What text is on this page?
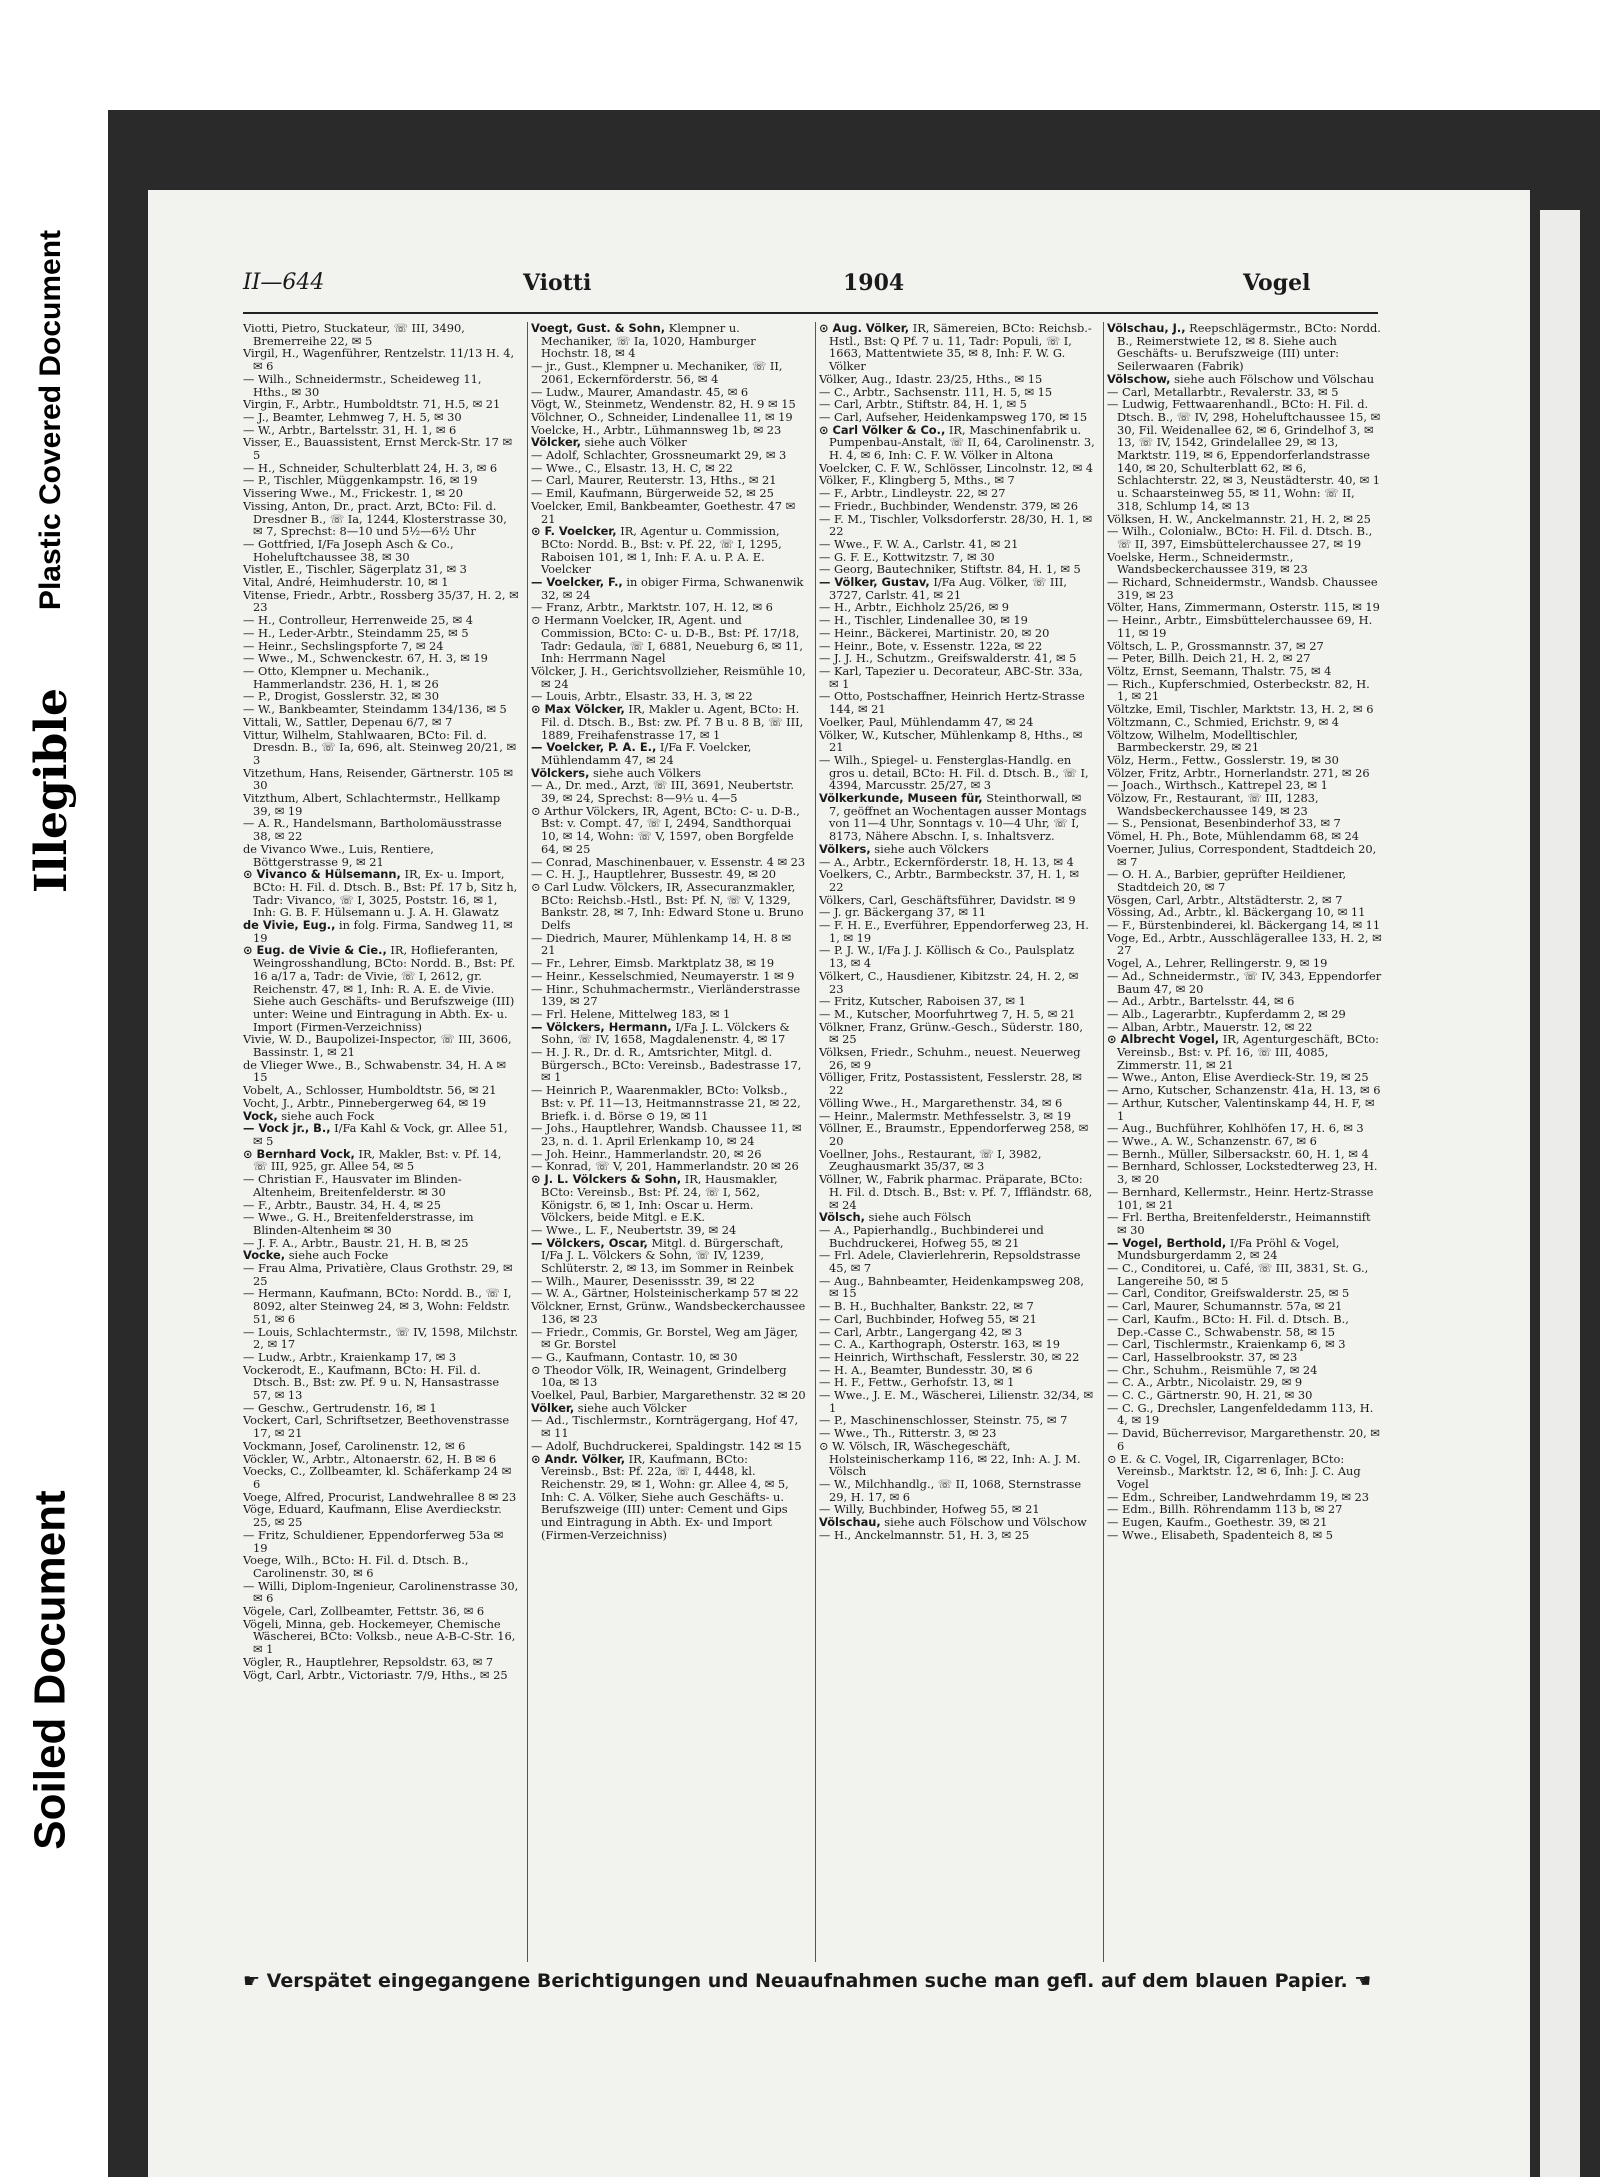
Plastic Covered Document
Illegible
Soiled Document
II—644	Viotti	1904	Vogel
Viotti, Pietro, Stuckateur, ☏ III, 3490, Bremerreihe 22, ✉ 5
Virgil, H., Wagenführer, Rentzelstr. 11/13 H. 4, ✉ 6
— Wilh., Schneidermstr., Scheideweg 11, Hths., ✉ 30
Virgin, F., Arbtr., Humboldtstr. 71, H.5, ✉ 21
— J., Beamter, Lehmweg 7, H. 5, ✉ 30
— W., Arbtr., Bartelsstr. 31, H. 1, ✉ 6
Visser, E., Bauassistent, Ernst Merck-Str. 17 ✉ 5
— H., Schneider, Schulterblatt 24, H. 3, ✉ 6
— P., Tischler, Müggenkampstr. 16, ✉ 19
Vissering Wwe., M., Frickestr. 1, ✉ 20
Vissing, Anton, Dr., pract. Arzt, BCto: Fil. d. Dresdner B., ☏ Ia, 1244, Klosterstrasse 30, ✉ 7, Sprechst: 8—10 und 5½—6½ Uhr
— Gottfried, I/Fa Joseph Asch & Co., Hoheluftchaussee 38, ✉ 30
Vistler, E., Tischler, Sägerplatz 31, ✉ 3
Vital, André, Heimhuderstr. 10, ✉ 1
Vitense, Friedr., Arbtr., Rossberg 35/37, H. 2, ✉ 23
— H., Controlleur, Herrenweide 25, ✉ 4
— H., Leder-Arbtr., Steindamm 25, ✉ 5
— Heinr., Sechslingspforte 7, ✉ 24
— Wwe., M., Schwenckestr. 67, H. 3, ✉ 19
— Otto, Klempner u. Mechanik., Hammerlandstr. 236, H. 1, ✉ 26
— P., Drogist, Gosslerstr. 32, ✉ 30
— W., Bankbeamter, Steindamm 134/136, ✉ 5
Vittali, W., Sattler, Depenau 6/7, ✉ 7
Vittur, Wilhelm, Stahlwaaren, BCto: Fil. d. Dresdn. B., ☏ Ia, 696, alt. Steinweg 20/21, ✉ 3
Vitzethum, Hans, Reisender, Gärtnerstr. 105 ✉ 30
Vitzthum, Albert, Schlachtermstr., Hellkamp 39, ✉ 19
— A. R., Handelsmann, Bartholomäusstrasse 38, ✉ 22
de Vivanco Wwe., Luis, Rentiere, Böttgerstrasse 9, ✉ 21
⊙ Vivanco & Hülsemann, IR, Ex- u. Import, BCto: H. Fil. d. Dtsch. B., Bst: Pf. 17 b, Sitz h, Tadr: Vivanco, ☏ I, 3025, Poststr. 16, ✉ 1, Inh: G. B. F. Hülsemann u. J. A. H. Glawatz
de Vivie, Eug., in folg. Firma, Sandweg 11, ✉ 19
⊙ Eug. de Vivie & Cie., IR, Hoflieferanten, Weingrosshandlung, BCto: Nordd. B., Bst: Pf. 16 a/17 a, Tadr: de Vivie, ☏ I, 2612, gr. Reichenstr. 47, ✉ 1, Inh: R. A. E. de Vivie. Siehe auch Geschäfts- und Berufszweige (III) unter: Weine und Eintragung in Abth. Ex- u. Import (Firmen-Verzeichniss)
Vivie, W. D., Baupolizei-Inspector, ☏ III, 3606, Bassinstr. 1, ✉ 21
de Vlieger Wwe., B., Schwabenstr. 34, H. A ✉ 15
Vobelt, A., Schlosser, Humboldtstr. 56, ✉ 21
Vocht, J., Arbtr., Pinnebergerweg 64, ✉ 19
Vock, siehe auch Fock
— Vock jr., B., I/Fa Kahl & Vock, gr. Allee 51, ✉ 5
⊙ Bernhard Vock, IR, Makler, Bst: v. Pf. 14, ☏ III, 925, gr. Allee 54, ✉ 5
— Christian F., Hausvater im Blinden-Altenheim, Breitenfelderstr. ✉ 30
— F., Arbtr., Baustr. 34, H. 4, ✉ 25
— Wwe., G. H., Breitenfelderstrasse, im Blinden-Altenheim ✉ 30
— J. F. A., Arbtr., Baustr. 21, H. B, ✉ 25
Vocke, siehe auch Focke
— Frau Alma, Privatière, Claus Grothstr. 29, ✉ 25
— Hermann, Kaufmann, BCto: Nordd. B., ☏ I, 8092, alter Steinweg 24, ✉ 3, Wohn: Feldstr. 51, ✉ 6
— Louis, Schlachtermstr., ☏ IV, 1598, Milchstr. 2, ✉ 17
— Ludw., Arbtr., Kraienkamp 17, ✉ 3
Vockerodt, E., Kaufmann, BCto: H. Fil. d. Dtsch. B., Bst: zw. Pf. 9 u. N, Hansastrasse 57, ✉ 13
— Geschw., Gertrudenstr. 16, ✉ 1
Vockert, Carl, Schriftsetzer, Beethovenstrasse 17, ✉ 21
Vockmann, Josef, Carolinenstr. 12, ✉ 6
Vöckler, W., Arbtr., Altonaerstr. 62, H. B ✉ 6
Voecks, C., Zollbeamter, kl. Schäferkamp 24 ✉ 6
Voege, Alfred, Procurist, Landwehrallee 8 ✉ 23
Vöge, Eduard, Kaufmann, Elise Averdieckstr. 25, ✉ 25
— Fritz, Schuldiener, Eppendorferweg 53a ✉ 19
Voege, Wilh., BCto: H. Fil. d. Dtsch. B., Carolinenstr. 30, ✉ 6
— Willi, Diplom-Ingenieur, Carolinenstrasse 30, ✉ 6
Vögele, Carl, Zollbeamter, Fettstr. 36, ✉ 6
Vögeli, Minna, geb. Hockemeyer, Chemische Wäscherei, BCto: Volksb., neue A-B-C-Str. 16, ✉ 1
Vögler, R., Hauptlehrer, Repsoldstr. 63, ✉ 7
Vögt, Carl, Arbtr., Victoriastr. 7/9, Hths., ✉ 25
Voegt, Gust. & Sohn, Klempner u. Mechaniker, ☏ Ia, 1020, Hamburger Hochstr. 18, ✉ 4
— jr., Gust., Klempner u. Mechaniker, ☏ II, 2061, Eckernförderstr. 56, ✉ 4
— Ludw., Maurer, Amandastr. 45, ✉ 6
Vögt, W., Steinmetz, Wendenstr. 82, H. 9 ✉ 15
Völchner, O., Schneider, Lindenallee 11, ✉ 19
Voelcke, H., Arbtr., Lühmannsweg 1b, ✉ 23
Völcker, siehe auch Völker
— Adolf, Schlachter, Grossneumarkt 29, ✉ 3
— Wwe., C., Elsastr. 13, H. C, ✉ 22
— Carl, Maurer, Reuterstr. 13, Hths., ✉ 21
— Emil, Kaufmann, Bürgerweide 52, ✉ 25
Voelcker, Emil, Bankbeamter, Goethestr. 47 ✉ 21
⊙ F. Voelcker, IR, Agentur u. Commission, BCto: Nordd. B., Bst: v. Pf. 22, ☏ I, 1295, Raboisen 101, ✉ 1, Inh: F. A. u. P. A. E. Voelcker
— Voelcker, F., in obiger Firma, Schwanenwik 32, ✉ 24
— Franz, Arbtr., Marktstr. 107, H. 12, ✉ 6
⊙ Hermann Voelcker, IR, Agent. und Commission, BCto: C- u. D-B., Bst: Pf. 17/18, Tadr: Gedaula, ☏ I, 6881, Neueburg 6, ✉ 11, Inh: Herrmann Nagel
Völcker, J. H., Gerichtsvollzieher, Reismühle 10, ✉ 24
— Louis, Arbtr., Elsastr. 33, H. 3, ✉ 22
⊙ Max Völcker, IR, Makler u. Agent, BCto: H. Fil. d. Dtsch. B., Bst: zw. Pf. 7 B u. 8 B, ☏ III, 1889, Freihafenstrasse 17, ✉ 1
— Voelcker, P. A. E., I/Fa F. Voelcker, Mühlendamm 47, ✉ 24
Völckers, siehe auch Völkers
— A., Dr. med., Arzt, ☏ III, 3691, Neubertstr. 39, ✉ 24, Sprechst: 8—9½ u. 4—5
⊙ Arthur Völckers, IR, Agent, BCto: C- u. D-B., Bst: v. Compt. 47, ☏ I, 2494, Sandthorquai 10, ✉ 14, Wohn: ☏ V, 1597, oben Borgfelde 64, ✉ 25
— Conrad, Maschinenbauer, v. Essenstr. 4 ✉ 23
— C. H. J., Hauptlehrer, Bussestr. 49, ✉ 20
⊙ Carl Ludw. Völckers, IR, Assecuranzmakler, BCto: Reichsb.-Hstl., Bst: Pf. N, ☏ V, 1329, Bankstr. 28, ✉ 7, Inh: Edward Stone u. Bruno Delfs
— Diedrich, Maurer, Mühlenkamp 14, H. 8 ✉ 21
— Fr., Lehrer, Eimsb. Marktplatz 38, ✉ 19
— Heinr., Kesselschmied, Neumayerstr. 1 ✉ 9
— Hinr., Schuhmachermstr., Vierländerstrasse 139, ✉ 27
— Frl. Helene, Mittelweg 183, ✉ 1
— Völckers, Hermann, I/Fa J. L. Völckers & Sohn, ☏ IV, 1658, Magdalenenstr. 4, ✉ 17
— H. J. R., Dr. d. R., Amtsrichter, Mitgl. d. Bürgersch., BCto: Vereinsb., Badestrasse 17, ✉ 1
— Heinrich P., Waarenmakler, BCto: Volksb., Bst: v. Pf. 11—13, Heitmannstrasse 21, ✉ 22, Briefk. i. d. Börse ⊙ 19, ✉ 11
— Johs., Hauptlehrer, Wandsb. Chaussee 11, ✉ 23, n. d. 1. April Erlenkamp 10, ✉ 24
— Joh. Heinr., Hammerlandstr. 20, ✉ 26
— Konrad, ☏ V, 201, Hammerlandstr. 20 ✉ 26
⊙ J. L. Völckers & Sohn, IR, Hausmakler, BCto: Vereinsb., Bst: Pf. 24, ☏ I, 562, Königstr. 6, ✉ 1, Inh: Oscar u. Herm. Völckers, beide Mitgl. e E.K.
— Wwe., L. F., Neubertstr. 39, ✉ 24
— Völckers, Oscar, Mitgl. d. Bürgerschaft, I/Fa J. L. Völckers & Sohn, ☏ IV, 1239, Schlüterstr. 2, ✉ 13, im Sommer in Reinbek
— Wilh., Maurer, Desenissstr. 39, ✉ 22
— W. A., Gärtner, Holsteinischerkamp 57 ✉ 22
Völckner, Ernst, Grünw., Wandsbeckerchaussee 136, ✉ 23
— Friedr., Commis, Gr. Borstel, Weg am Jäger, ✉ Gr. Borstel
— G., Kaufmann, Contastr. 10, ✉ 30
⊙ Theodor Völk, IR, Weinagent, Grindelberg 10a, ✉ 13
Voelkel, Paul, Barbier, Margarethenstr. 32 ✉ 20
Völker, siehe auch Völcker
— Ad., Tischlermstr., Kornträgergang, Hof 47, ✉ 11
— Adolf, Buchdruckerei, Spaldingstr. 142 ✉ 15
⊙ Andr. Völker, IR, Kaufmann, BCto: Vereinsb., Bst: Pf. 22a, ☏ I, 4448, kl. Reichenstr. 29, ✉ 1, Wohn: gr. Allee 4, ✉ 5, Inh: C. A. Völker, Siehe auch Geschäfts- u. Berufszweige (III) unter: Cement und Gips und Eintragung in Abth. Ex- und Import (Firmen-Verzeichniss)
⊙ Aug. Völker, IR, Sämereien, BCto: Reichsb.-Hstl., Bst: Q Pf. 7 u. 11, Tadr: Populi, ☏ I, 1663, Mattentwiete 35, ✉ 8, Inh: F. W. G. Völker
Völker, Aug., Idastr. 23/25, Hths., ✉ 15
— C., Arbtr., Sachsenstr. 111, H. 5, ✉ 15
— Carl, Arbtr., Stiftstr. 84, H. 1, ✉ 5
— Carl, Aufseher, Heidenkampsweg 170, ✉ 15
⊙ Carl Völker & Co., IR, Maschinenfabrik u. Pumpenbau-Anstalt, ☏ II, 64, Carolinenstr. 3, H. 4, ✉ 6, Inh: C. F. W. Völker in Altona
Voelcker, C. F. W., Schlösser, Lincolnstr. 12, ✉ 4
Völker, F., Klingberg 5, Mths., ✉ 7
— F., Arbtr., Lindleystr. 22, ✉ 27
— Friedr., Buchbinder, Wendenstr. 379, ✉ 26
— F. M., Tischler, Volksdorferstr. 28/30, H. 1, ✉ 22
— Wwe., F. W. A., Carlstr. 41, ✉ 21
— G. F. E., Kottwitzstr. 7, ✉ 30
— Georg, Bautechniker, Stiftstr. 84, H. 1, ✉ 5
— Völker, Gustav, I/Fa Aug. Völker, ☏ III, 3727, Carlstr. 41, ✉ 21
— H., Arbtr., Eichholz 25/26, ✉ 9
— H., Tischler, Lindenallee 30, ✉ 19
— Heinr., Bäckerei, Martinistr. 20, ✉ 20
— Heinr., Bote, v. Essenstr. 122a, ✉ 22
— J. J. H., Schutzm., Greifswalderstr. 41, ✉ 5
— Karl, Tapezier u. Decorateur, ABC-Str. 33a, ✉ 1
— Otto, Postschaffner, Heinrich Hertz-Strasse 144, ✉ 21
Voelker, Paul, Mühlendamm 47, ✉ 24
Völker, W., Kutscher, Mühlenkamp 8, Hths., ✉ 21
— Wilh., Spiegel- u. Fensterglas-Handlg. en gros u. detail, BCto: H. Fil. d. Dtsch. B., ☏ I, 4394, Marcusstr. 25/27, ✉ 3
Völkerkunde, Museen für, Steinthorwall, ✉ 7, geöffnet an Wochentagen ausser Montags von 11—4 Uhr, Sonntags v. 10—4 Uhr, ☏ I, 8173, Nähere Abschn. I, s. Inhaltsverz.
Völkers, siehe auch Völckers
— A., Arbtr., Eckernförderstr. 18, H. 13, ✉ 4
Voelkers, C., Arbtr., Barmbeckstr. 37, H. 1, ✉ 22
Völkers, Carl, Geschäftsführer, Davidstr. ✉ 9
— J. gr. Bäckergang 37, ✉ 11
— F. H. E., Everführer, Eppendorferweg 23, H. 1, ✉ 19
— P. J. W., I/Fa J. J. Köllisch & Co., Paulsplatz 13, ✉ 4
Völkert, C., Hausdiener, Kibitzstr. 24, H. 2, ✉ 23
— Fritz, Kutscher, Raboisen 37, ✉ 1
— M., Kutscher, Moorfuhrtweg 7, H. 5, ✉ 21
Völkner, Franz, Grünw.-Gesch., Süderstr. 180, ✉ 25
Völksen, Friedr., Schuhm., neuest. Neuerweg 26, ✉ 9
Völliger, Fritz, Postassistent, Fesslerstr. 28, ✉ 22
Völling Wwe., H., Margarethenstr. 34, ✉ 6
— Heinr., Malermstr. Methfesselstr. 3, ✉ 19
Völlner, E., Braumstr., Eppendorferweg 258, ✉ 20
Voellner, Johs., Restaurant, ☏ I, 3982, Zeughausmarkt 35/37, ✉ 3
Völlner, W., Fabrik pharmac. Präparate, BCto: H. Fil. d. Dtsch. B., Bst: v. Pf. 7, Iffländstr. 68, ✉ 24
Völsch, siehe auch Fölsch
— A., Papierhandlg., Buchbinderei und Buchdruckerei, Hofweg 55, ✉ 21
— Frl. Adele, Clavierlehrerin, Repsoldstrasse 45, ✉ 7
— Aug., Bahnbeamter, Heidenkampsweg 208, ✉ 15
— B. H., Buchhalter, Bankstr. 22, ✉ 7
— Carl, Buchbinder, Hofweg 55, ✉ 21
— Carl, Arbtr., Langergang 42, ✉ 3
— C. A., Karthograph, Osterstr. 163, ✉ 19
— Heinrich, Wirthschaft, Fesslerstr. 30, ✉ 22
— H. A., Beamter, Bundesstr. 30, ✉ 6
— H. F., Fettw., Gerhofstr. 13, ✉ 1
— Wwe., J. E. M., Wäscherei, Lilienstr. 32/34, ✉ 1
— P., Maschinenschlosser, Steinstr. 75, ✉ 7
— Wwe., Th., Ritterstr. 3, ✉ 23
⊙ W. Völsch, IR, Wäschegeschäft, Holsteinischerkamp 116, ✉ 22, Inh: A. J. M. Völsch
— W., Milchhandlg., ☏ II, 1068, Sternstrasse 29, H. 17, ✉ 6
— Willy, Buchbinder, Hofweg 55, ✉ 21
Völschau, siehe auch Fölschow und Völschow
— H., Anckelmannstr. 51, H. 3, ✉ 25
Völschau, J., Reepschlägermstr., BCto: Nordd. B., Reimerstwiete 12, ✉ 8. Siehe auch Geschäfts- u. Berufszweige (III) unter: Seilerwaaren (Fabrik)
Völschow, siehe auch Fölschow und Völschau
— Carl, Metallarbtr., Revalerstr. 33, ✉ 5
— Ludwig, Fettwaarenhandl., BCto: H. Fil. d. Dtsch. B., ☏ IV, 298, Hoheluftchaussee 15, ✉ 30, Fil. Weidenallee 62, ✉ 6, Grindelhof 3, ✉ 13, ☏ IV, 1542, Grindelallee 29, ✉ 13, Marktstr. 119, ✉ 6, Eppendorferlandstrasse 140, ✉ 20, Schulterblatt 62, ✉ 6, Schlachterstr. 22, ✉ 3, Neustädterstr. 40, ✉ 1 u. Schaarsteinweg 55, ✉ 11, Wohn: ☏ II, 318, Schlump 14, ✉ 13
Völksen, H. W., Anckelmannstr. 21, H. 2, ✉ 25
— Wilh., Colonialw., BCto: H. Fil. d. Dtsch. B., ☏ II, 397, Eimsbüttelerchaussee 27, ✉ 19
Voelske, Herm., Schneidermstr., Wandsbeckerchaussee 319, ✉ 23
— Richard, Schneidermstr., Wandsb. Chaussee 319, ✉ 23
Völter, Hans, Zimmermann, Osterstr. 115, ✉ 19
— Heinr., Arbtr., Eimsbüttelerchaussee 69, H. 11, ✉ 19
Völtsch, L. P., Grossmannstr. 37, ✉ 27
— Peter, Billh. Deich 21, H. 2, ✉ 27
Völtz, Ernst, Seemann, Thalstr. 75, ✉ 4
— Rich., Kupferschmied, Osterbeckstr. 82, H. 1, ✉ 21
Völtzke, Emil, Tischler, Marktstr. 13, H. 2, ✉ 6
Völtzmann, C., Schmied, Erichstr. 9, ✉ 4
Völtzow, Wilhelm, Modelltischler, Barmbeckerstr. 29, ✉ 21
Völz, Herm., Fettw., Gosslerstr. 19, ✉ 30
Völzer, Fritz, Arbtr., Hornerlandstr. 271, ✉ 26
— Joach., Wirthsch., Kattrepel 23, ✉ 1
Völzow, Fr., Restaurant, ☏ III, 1283, Wandsbeckerchaussee 149, ✉ 23
— S., Pensionat, Besenbinderhof 33, ✉ 7
Vömel, H. Ph., Bote, Mühlendamm 68, ✉ 24
Voerner, Julius, Correspondent, Stadtdeich 20, ✉ 7
— O. H. A., Barbier, geprüfter Heildiener, Stadtdeich 20, ✉ 7
Vösgen, Carl, Arbtr., Altstädterstr. 2, ✉ 7
Vössing, Ad., Arbtr., kl. Bäckergang 10, ✉ 11
— F., Bürstenbinderei, kl. Bäckergang 14, ✉ 11
Voge, Ed., Arbtr., Ausschlägerallee 133, H. 2, ✉ 27
Vogel, A., Lehrer, Rellingerstr. 9, ✉ 19
— Ad., Schneidermstr., ☏ IV, 343, Eppendorfer Baum 47, ✉ 20
— Ad., Arbtr., Bartelsstr. 44, ✉ 6
— Alb., Lagerarbtr., Kupferdamm 2, ✉ 29
— Alban, Arbtr., Mauerstr. 12, ✉ 22
⊙ Albrecht Vogel, IR, Agenturgeschäft, BCto: Vereinsb., Bst: v. Pf. 16, ☏ III, 4085, Zimmerstr. 11, ✉ 21
— Wwe., Anton, Elise Averdieck-Str. 19, ✉ 25
— Arno, Kutscher, Schanzenstr. 41a, H. 13, ✉ 6
— Arthur, Kutscher, Valentinskamp 44, H. F, ✉ 1
— Aug., Buchführer, Kohlhöfen 17, H. 6, ✉ 3
— Wwe., A. W., Schanzenstr. 67, ✉ 6
— Bernh., Müller, Silbersackstr. 60, H. 1, ✉ 4
— Bernhard, Schlosser, Lockstedterweg 23, H. 3, ✉ 20
— Bernhard, Kellermstr., Heinr. Hertz-Strasse 101, ✉ 21
— Frl. Bertha, Breitenfelderstr., Heimannstift ✉ 30
— Vogel, Berthold, I/Fa Pröhl & Vogel, Mundsburgerdamm 2, ✉ 24
— C., Conditorei, u. Café, ☏ III, 3831, St. G., Langereihe 50, ✉ 5
— Carl, Conditor, Greifswalderstr. 25, ✉ 5
— Carl, Maurer, Schumannstr. 57a, ✉ 21
— Carl, Kaufm., BCto: H. Fil. d. Dtsch. B., Dep.-Casse C., Schwabenstr. 58, ✉ 15
— Carl, Tischlermstr., Kraienkamp 6, ✉ 3
— Carl, Hasselbrookstr. 37, ✉ 23
— Chr., Schuhm., Reismühle 7, ✉ 24
— C. A., Arbtr., Nicolaistr. 29, ✉ 9
— C. C., Gärtnerstr. 90, H. 21, ✉ 30
— C. G., Drechsler, Langenfeldedamm 113, H. 4, ✉ 19
— David, Bücherrevisor, Margarethenstr. 20, ✉ 6
⊙ E. & C. Vogel, IR, Cigarrenlager, BCto: Vereinsb., Marktstr. 12, ✉ 6, Inh: J. C. Aug Vogel
— Edm., Schreiber, Landwehrdamm 19, ✉ 23
— Edm., Billh. Röhrendamm 113 b, ✉ 27
— Eugen, Kaufm., Goethestr. 39, ✉ 21
— Wwe., Elisabeth, Spadenteich 8, ✉ 5
☛ Verspätet eingegangene Berichtigungen und Neuaufnahmen suche man gefl. auf dem blauen Papier. ☚
